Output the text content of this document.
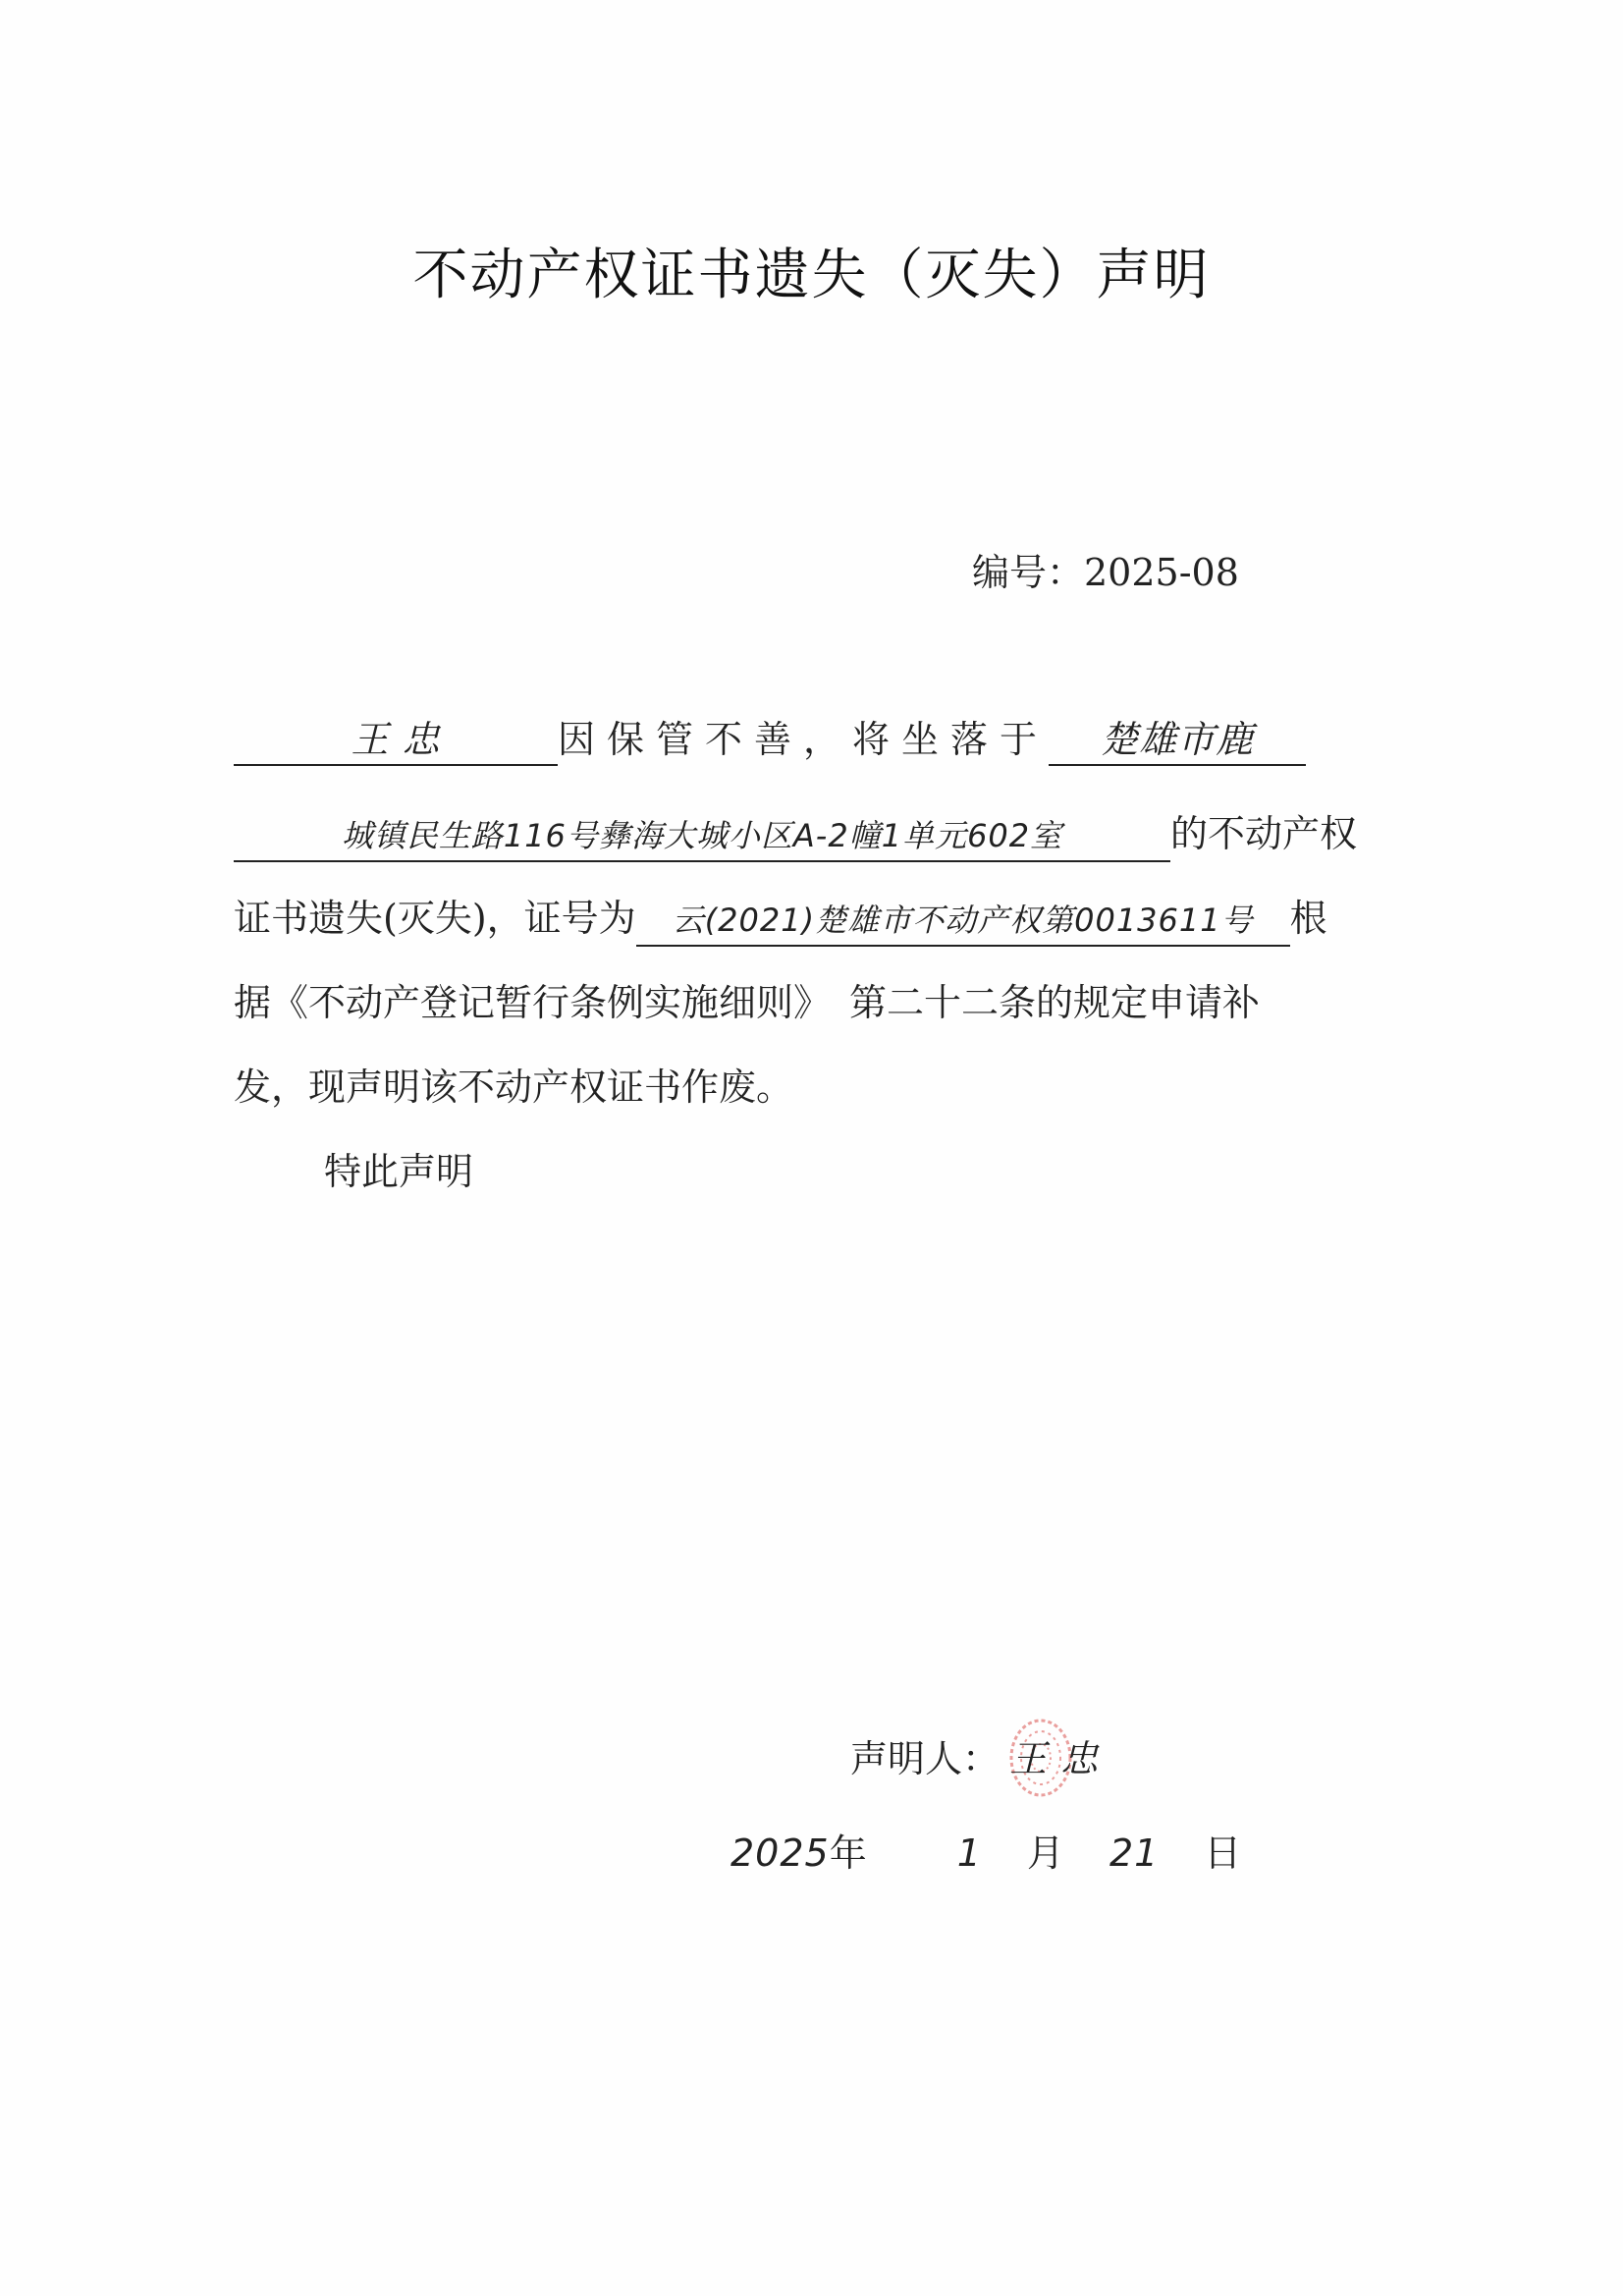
不动产权证书遗失（灭失）声明
编号：2025-08
王 忠	因保管不善，将坐落于 楚雄市鹿
城镇民生路116号彝海大城小区A-2幢1单元602室	的不动产权
证书遗失(灭失)，证号为 云(2021)楚雄市不动产权第0013611号 根
据《不动产登记暂行条例实施细则》　第二十二条的规定申请补
发，现声明该不动产权证书作废。
特此声明
声明人： 王 忠
2025年 1 月 21 日
